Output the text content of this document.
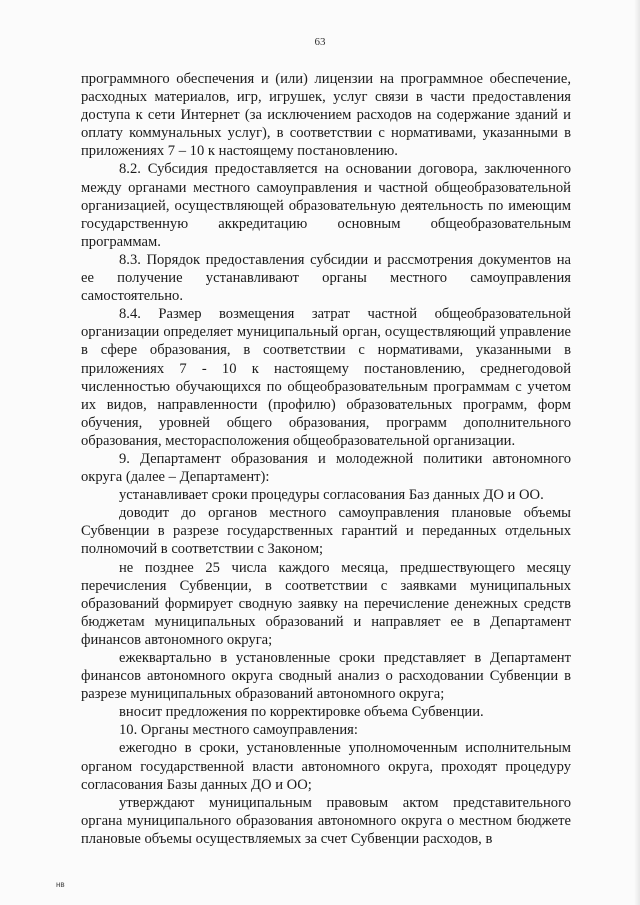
63

программного обеспечения и (или) лицензии на программное обеспечение, расходных материалов, игр, игрушек, услуг связи в части предоставления доступа к сети Интернет (за исключением расходов на содержание зданий и оплату коммунальных услуг), в соответствии с нормативами, указанными в приложениях 7 – 10 к настоящему постановлению.

8.2. Субсидия предоставляется на основании договора, заключенного между органами местного самоуправления и частной общеобразовательной организацией, осуществляющей образовательную деятельность по имеющим государственную аккредитацию основным общеобразовательным программам.

8.3. Порядок предоставления субсидии и рассмотрения документов на ее получение устанавливают органы местного самоуправления самостоятельно.

8.4. Размер возмещения затрат частной общеобразовательной организации определяет муниципальный орган, осуществляющий управление в сфере образования, в соответствии с нормативами, указанными в приложениях 7 - 10 к настоящему постановлению, среднегодовой численностью обучающихся по общеобразовательным программам с учетом их видов, направленности (профилю) образовательных программ, форм обучения, уровней общего образования, программ дополнительного образования, месторасположения общеобразовательной организации.

9. Департамент образования и молодежной политики автономного округа (далее – Департамент):

устанавливает сроки процедуры согласования Баз данных ДО и ОО.

доводит до органов местного самоуправления плановые объемы Субвенции в разрезе государственных гарантий и переданных отдельных полномочий в соответствии с Законом;

не позднее 25 числа каждого месяца, предшествующего месяцу перечисления Субвенции, в соответствии с заявками муниципальных образований формирует сводную заявку на перечисление денежных средств бюджетам муниципальных образований и направляет ее в Департамент финансов автономного округа;

ежеквартально в установленные сроки представляет в Департамент финансов автономного округа сводный анализ о расходовании Субвенции в разрезе муниципальных образований автономного округа;

вносит предложения по корректировке объема Субвенции.

10. Органы местного самоуправления:

ежегодно в сроки, установленные уполномоченным исполнительным органом государственной власти автономного округа, проходят процедуру согласования Базы данных ДО и ОО;

утверждают муниципальным правовым актом представительного органа муниципального образования автономного округа о местном бюджете плановые объемы осуществляемых за счет Субвенции расходов, в

нв
